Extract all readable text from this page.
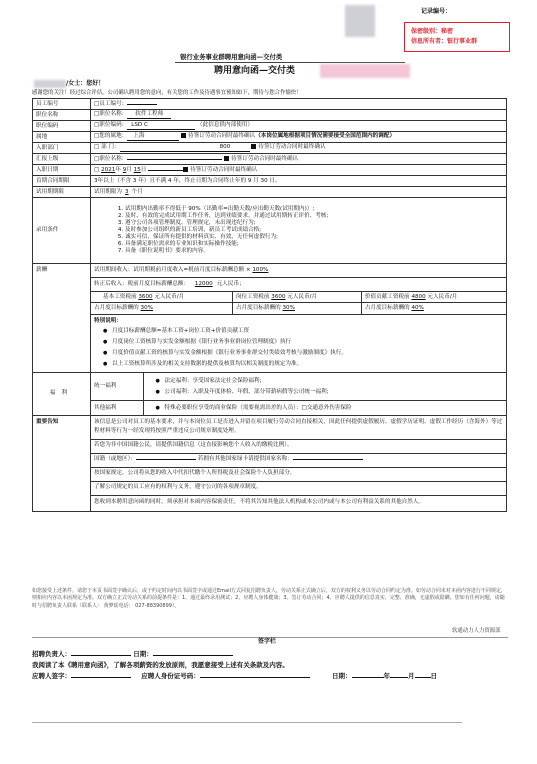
记录编号：
保密级别：秘密
信息所有者：银行事业群
银行业务事业群聘用意向函—交付类
聘用意向函—交付类
/女士：您好！
感谢您的关注！经过综合评估，公司确认聘用您的意向，有关您的工作及待遇事宜预知如下，期待与您合作愉快！
员工编号	□员工编号：
职位名称	□职位名称： 软件工程师
职位编码	□职位编码： LSD C	（此信息供内部使用）
属地	□您的属地： 上海	待签订劳动合同时最终确认（本岗位属地根据项目情况需要接受全国范围内的调配）
入职部门	□ 部 门：	800	待签订劳动合同时最终确认
汇报上级	□职位名称：	待签订劳动合同时最终确认
入职日期	□ 2021年 9月 15日	待签订劳动合同时最终确认
首期合同期限	3年以上（不含 3 年）且不满 4 年，终止日期为合同终止年的 9 月 30 日。
试用期期限	试用期限为 3 个月
录用条件	
1. 试用期内出勤率不得低于 90%（出勤率=出勤天数/应出勤天数(试用期内)）;
2. 及时、有效的完成试用期工作任务，达到业绩要求，并通过试用期转正评价、考核;
3. 遵守公司各项管理制度、管理规定，未出现违纪行为;
4. 及时参加公司组织的新员工培训，新员工考试成绩合格;
5. 诚实可信，保证所有提供的材料真实、有效，无任何虚假行为;
6. 具备满足职位需求的专业知识和实际操作技能;
7. 具备《职位说明书》要求的内容。

薪酬	试用期间收入：试用期税前月度收入=税前月度目标薪酬总额 × 100%
转正后收入：税前月度目标薪酬总额： 12000 元人民币；
基本工资税前 3600 元人民币/月	岗位工资税前 3600 元人民币/月	价值贡献工资税前 4800 元人民币/月
占月度目标薪酬的 30%	占月度目标薪酬的 30%	占月度目标薪酬的 40%
特别说明：
● 月度目标薪酬总额=基本工资+岗位工资+价值贡献工资
● 月度岗位工资核算与实发金额根据《银行业务事业群岗位管理制度》执行
● 月度价值贡献工资的核算与实发金额根据《银行业务事业群交付类绩效考核与激励制度》执行。
● 以上工资核算所涉及的相关支持数据的提供及核算均以相关制度的规定为准。

福利	
统一福利	
● 法定福利：享受国家法定社会保险福利;
● 公司福利：入职及年度体检、年假、部分带薪病假等公司统一福利;

其他福利	
●特殊必要职位享受的商业保险（需要视需出差的人员）：□交通意外伤害保险

重要告知	该信息是公司对员工的基本要求，并与本岗位员工是否进入并留在项目履行劳动合同直接相关，因此任何提供虚假履历、虚假学历证明、虚假工作经历（含海外）等过程材料等行为一经发现将按照严重违反公司规章制度处理。
若您为非中国国籍公民，请提供国籍信息（这直接影响您个人收入的缴税比例）。
国籍（或地区）：	若拥有其他国家绿卡请提供国家名称：
按国家规定，公司将从您的收入中代扣代缴个人所得税及社会保险个人负担部分。
了解公司规定的员工应有的权利与义务，遵守公司的各项规章制度。
您收到本聘用意向函的同时，须承担对本函内容保密责任，不将其告知其他法人机构或本公司内或与本公司有利益关系的其他自然人。
如您接受上述条件，请您于本页书面签字确认后，或于约定时间内以书面签字或通过Email方式回复招聘负责人，劳动关系正式确立后，双方的权利义务以劳动合同约定为准。如劳动合同未对本函内容进行不同规定，则相应内容以本函规定为准。双方确立正式劳动关系的前提条件是：1、通过最终录用测试；2、应聘人身体健康；3、签订劳动合同；4、应聘人提供的信息真实、完整、准确，无虚假或隐瞒。您如有任何问题，请随时与招聘负责人联系（联系人： 黄梦瑶电话： 027-88390899）。
软通动力人力资源部
签字栏
招聘负责人：	日期：
我阅读了本《聘用意向函》，了解各项薪资的发放原则，我愿意接受上述有关条款及内容。
应聘人签字：	应聘人身份证号码：	日期：	年	月 日
